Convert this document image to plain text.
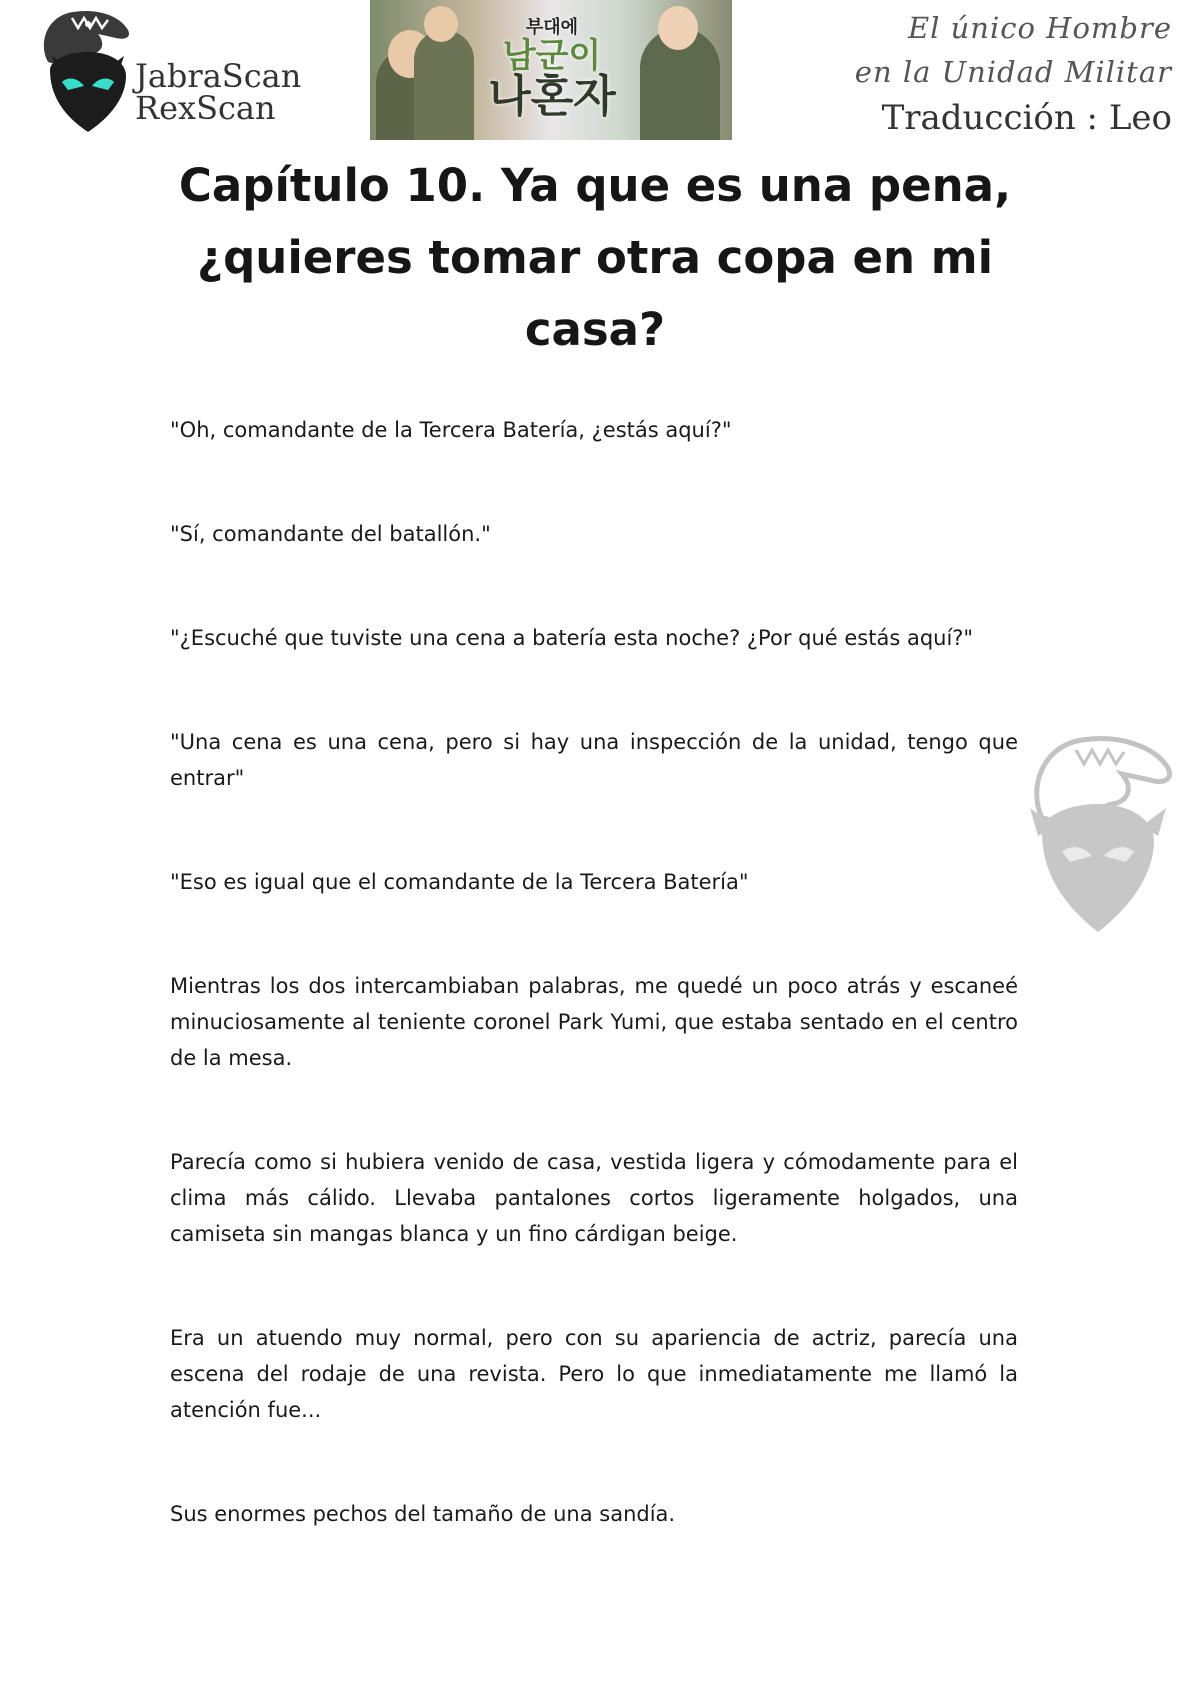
JabraScan
RexScan
부대에
남군이
나혼자
El único Hombre
en la Unidad Militar
Traducción : Leo
Capítulo 10. Ya que es una pena, ¿quieres tomar otra copa en mi casa?

"Oh, comandante de la Tercera Batería, ¿estás aquí?"

"Sí, comandante del batallón."

"¿Escuché que tuviste una cena a batería esta noche? ¿Por qué estás aquí?"

"Una cena es una cena, pero si hay una inspección de la unidad, tengo que entrar"

"Eso es igual que el comandante de la Tercera Batería"

Mientras los dos intercambiaban palabras, me quedé un poco atrás y escaneé minuciosamente al teniente coronel Park Yumi, que estaba sentado en el centro de la mesa.

Parecía como si hubiera venido de casa, vestida ligera y cómodamente para el clima más cálido. Llevaba pantalones cortos ligeramente holgados, una camiseta sin mangas blanca y un fino cárdigan beige.

Era un atuendo muy normal, pero con su apariencia de actriz, parecía una escena del rodaje de una revista. Pero lo que inmediatamente me llamó la atención fue...

Sus enormes pechos del tamaño de una sandía.
